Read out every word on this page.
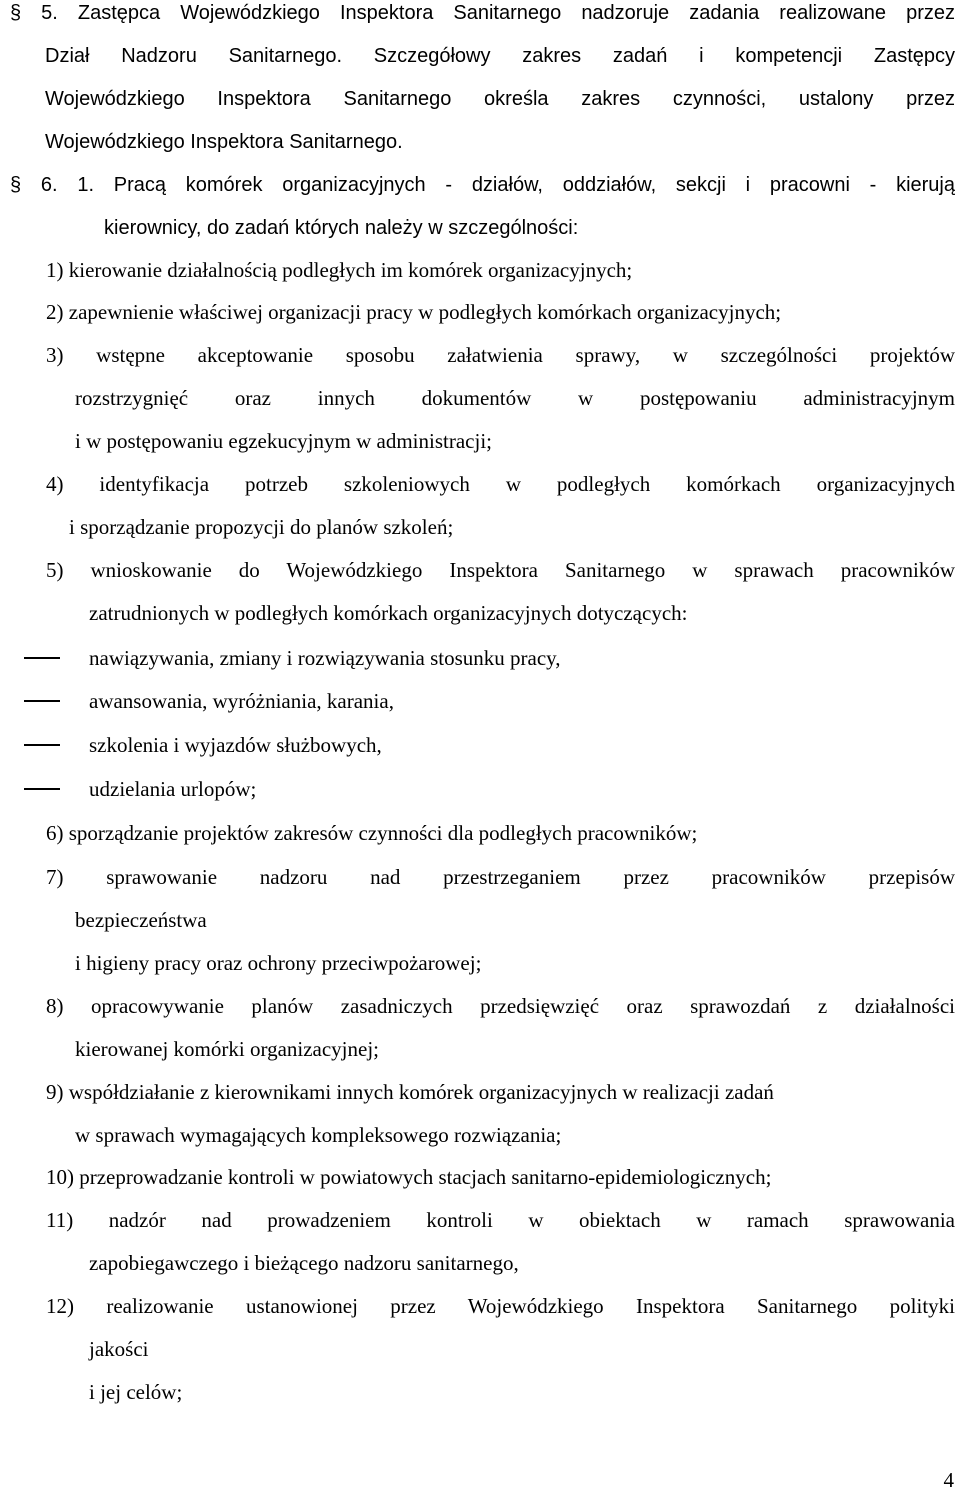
§ 5. Zastępca Wojewódzkiego Inspektora Sanitarnego nadzoruje zadania realizowane przez
Dział Nadzoru Sanitarnego. Szczegółowy zakres zadań i kompetencji Zastępcy
Wojewódzkiego Inspektora Sanitarnego określa zakres czynności, ustalony przez
Wojewódzkiego Inspektora Sanitarnego.
§ 6. 1. Pracą komórek organizacyjnych - działów, oddziałów, sekcji i pracowni - kierują
kierownicy, do zadań których należy w szczególności:
1) kierowanie działalnością podległych im komórek organizacyjnych;
2) zapewnienie właściwej organizacji pracy w podległych komórkach organizacyjnych;
3) wstępne akceptowanie sposobu załatwienia sprawy, w szczególności projektów
rozstrzygnięć oraz innych dokumentów w postępowaniu administracyjnym
i w postępowaniu egzekucyjnym w administracji;
4) identyfikacja potrzeb szkoleniowych w podległych komórkach organizacyjnych
i sporządzanie propozycji do planów szkoleń;
5) wnioskowanie do Wojewódzkiego Inspektora Sanitarnego w sprawach pracowników
zatrudnionych w podległych komórkach organizacyjnych dotyczących:
nawiązywania, zmiany i rozwiązywania stosunku pracy,
awansowania, wyróżniania, karania,
szkolenia i wyjazdów służbowych,
udzielania urlopów;
6) sporządzanie projektów zakresów czynności dla podległych pracowników;
7) sprawowanie nadzoru nad przestrzeganiem przez pracowników przepisów
bezpieczeństwa
i higieny pracy oraz ochrony przeciwpożarowej;
8) opracowywanie planów zasadniczych przedsięwzięć oraz sprawozdań z działalności
kierowanej komórki organizacyjnej;
9) współdziałanie z kierownikami innych komórek organizacyjnych w realizacji zadań
w sprawach wymagających kompleksowego rozwiązania;
10) przeprowadzanie kontroli w powiatowych stacjach sanitarno-epidemiologicznych;
11) nadzór nad prowadzeniem kontroli w obiektach w ramach sprawowania
zapobiegawczego i bieżącego nadzoru sanitarnego,
12) realizowanie ustanowionej przez Wojewódzkiego Inspektora Sanitarnego polityki
jakości
i jej celów;
4
